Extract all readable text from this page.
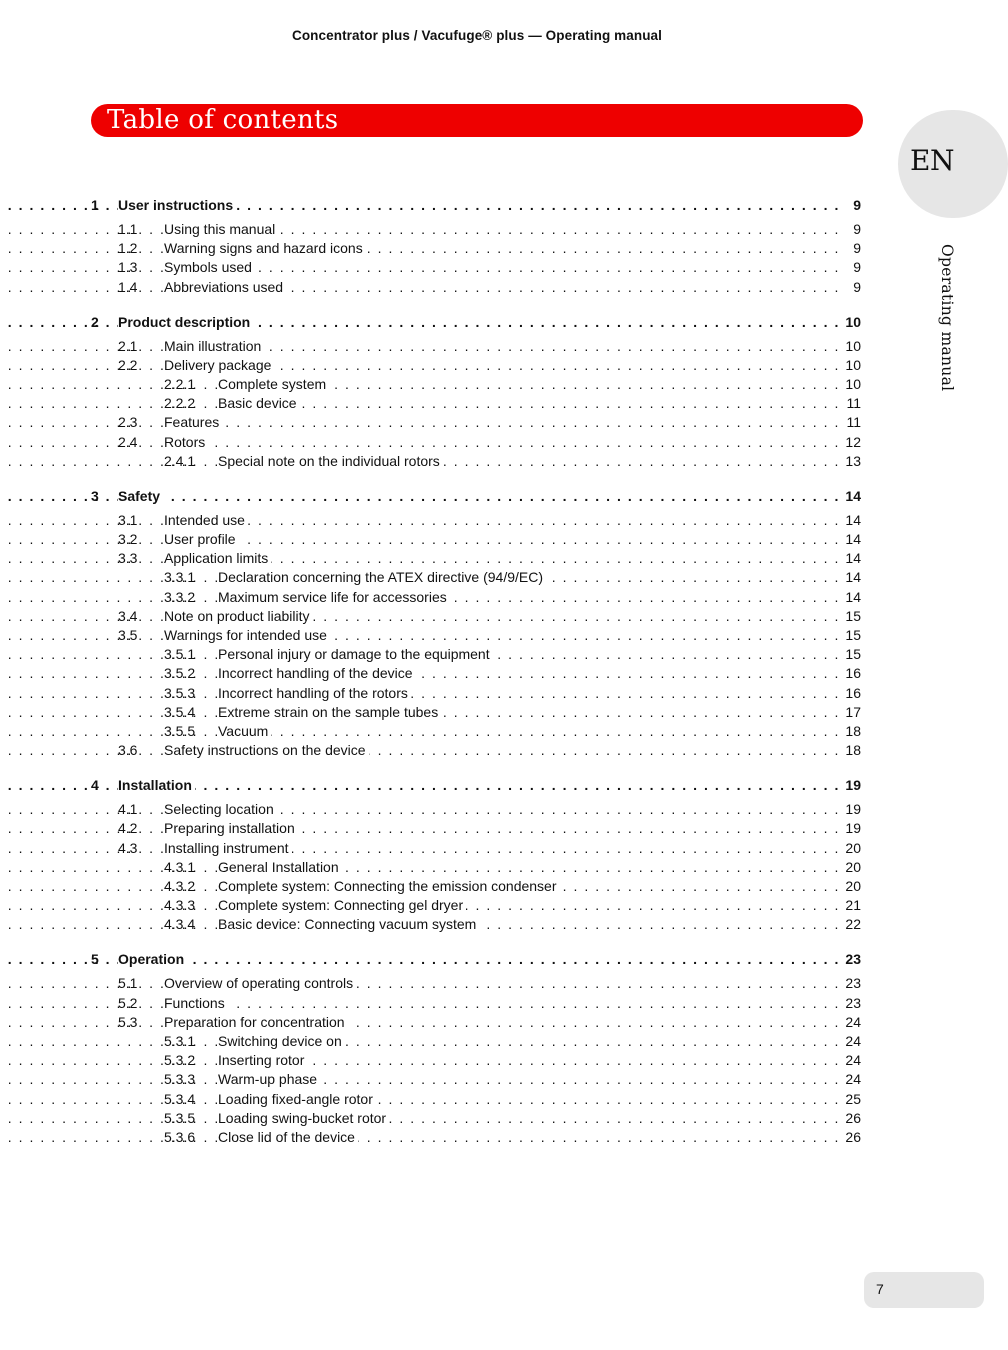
Concentrator plus / Vacufuge® plus — Operating manual
Table of contents
EN
Operating manual
1 User instructions . . .	9
1.1 Using this manual . . .	9
1.2 Warning signs and hazard icons . . .	9
1.3 Symbols used . . .	9
1.4 Abbreviations used . . .	9
2 Product description . . .	10
2.1 Main illustration . . .	10
2.2 Delivery package . . .	10
2.2.1 Complete system . . .	10
2.2.2 Basic device . . .	11
2.3 Features . . .	11
2.4 Rotors . . .	12
2.4.1 Special note on the individual rotors . . .	13
3 Safety . . .	14
3.1 Intended use . . .	14
3.2 User profile . . .	14
3.3 Application limits . . .	14
3.3.1 Declaration concerning the ATEX directive (94/9/EC) . . .	14
3.3.2 Maximum service life for accessories . . .	14
3.4 Note on product liability . . .	15
3.5 Warnings for intended use . . .	15
3.5.1 Personal injury or damage to the equipment . . .	15
3.5.2 Incorrect handling of the device . . .	16
3.5.3 Incorrect handling of the rotors . . .	16
3.5.4 Extreme strain on the sample tubes . . .	17
3.5.5 Vacuum . . .	18
3.6 Safety instructions on the device . . .	18
4 Installation . . .	19
4.1 Selecting location . . .	19
4.2 Preparing installation . . .	19
4.3 Installing instrument . . .	20
4.3.1 General Installation . . .	20
4.3.2 Complete system: Connecting the emission condenser . . .	20
4.3.3 Complete system: Connecting gel dryer . . .	21
4.3.4 Basic device: Connecting vacuum system . . .	22
5 Operation . . .	23
5.1 Overview of operating controls . . .	23
5.2 Functions . . .	23
5.3 Preparation for concentration . . .	24
5.3.1 Switching device on . . .	24
5.3.2 Inserting rotor . . .	24
5.3.3 Warm-up phase . . .	24
5.3.4 Loading fixed-angle rotor . . .	25
5.3.5 Loading swing-bucket rotor . . .	26
5.3.6 Close lid of the device . . .	26
7
